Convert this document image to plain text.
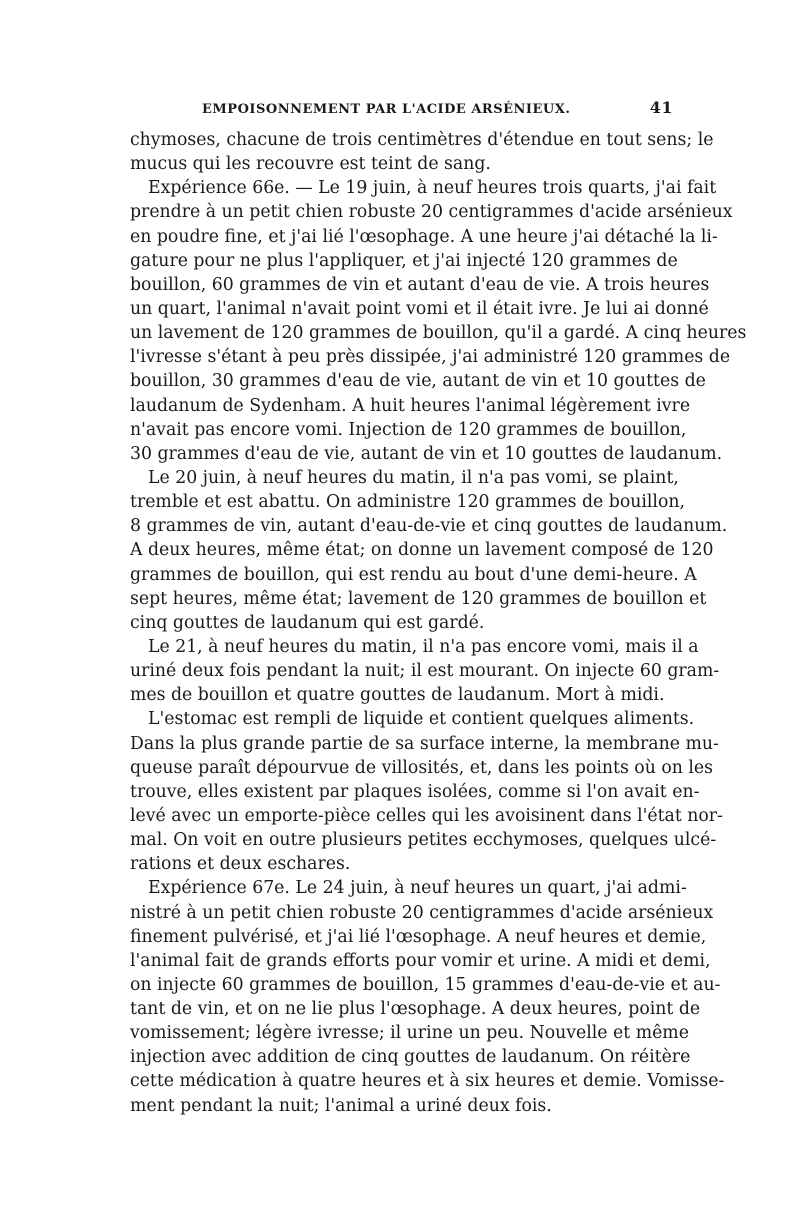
EMPOISONNEMENT PAR L'ACIDE ARSÉNIEUX.	41
chymoses, chacune de trois centimètres d'étendue en tout sens; le
mucus qui les recouvre est teint de sang.
Expérience 66e. — Le 19 juin, à neuf heures trois quarts, j'ai fait
prendre à un petit chien robuste 20 centigrammes d'acide arsénieux
en poudre fine, et j'ai lié l'œsophage. A une heure j'ai détaché la li-
gature pour ne plus l'appliquer, et j'ai injecté 120 grammes de
bouillon, 60 grammes de vin et autant d'eau de vie. A trois heures
un quart, l'animal n'avait point vomi et il était ivre. Je lui ai donné
un lavement de 120 grammes de bouillon, qu'il a gardé. A cinq heures
l'ivresse s'étant à peu près dissipée, j'ai administré 120 grammes de
bouillon, 30 grammes d'eau de vie, autant de vin et 10 gouttes de
laudanum de Sydenham. A huit heures l'animal légèrement ivre
n'avait pas encore vomi. Injection de 120 grammes de bouillon,
30 grammes d'eau de vie, autant de vin et 10 gouttes de laudanum.
Le 20 juin, à neuf heures du matin, il n'a pas vomi, se plaint,
tremble et est abattu. On administre 120 grammes de bouillon,
8 grammes de vin, autant d'eau-de-vie et cinq gouttes de laudanum.
A deux heures, même état; on donne un lavement composé de 120
grammes de bouillon, qui est rendu au bout d'une demi-heure. A
sept heures, même état; lavement de 120 grammes de bouillon et
cinq gouttes de laudanum qui est gardé.
Le 21, à neuf heures du matin, il n'a pas encore vomi, mais il a
uriné deux fois pendant la nuit; il est mourant. On injecte 60 gram-
mes de bouillon et quatre gouttes de laudanum. Mort à midi.
L'estomac est rempli de liquide et contient quelques aliments.
Dans la plus grande partie de sa surface interne, la membrane mu-
queuse paraît dépourvue de villosités, et, dans les points où on les
trouve, elles existent par plaques isolées, comme si l'on avait en-
levé avec un emporte-pièce celles qui les avoisinent dans l'état nor-
mal. On voit en outre plusieurs petites ecchymoses, quelques ulcé-
rations et deux eschares.
Expérience 67e. Le 24 juin, à neuf heures un quart, j'ai admi-
nistré à un petit chien robuste 20 centigrammes d'acide arsénieux
finement pulvérisé, et j'ai lié l'œsophage. A neuf heures et demie,
l'animal fait de grands efforts pour vomir et urine. A midi et demi,
on injecte 60 grammes de bouillon, 15 grammes d'eau-de-vie et au-
tant de vin, et on ne lie plus l'œsophage. A deux heures, point de
vomissement; légère ivresse; il urine un peu. Nouvelle et même
injection avec addition de cinq gouttes de laudanum. On réitère
cette médication à quatre heures et à six heures et demie. Vomisse-
ment pendant la nuit; l'animal a uriné deux fois.
